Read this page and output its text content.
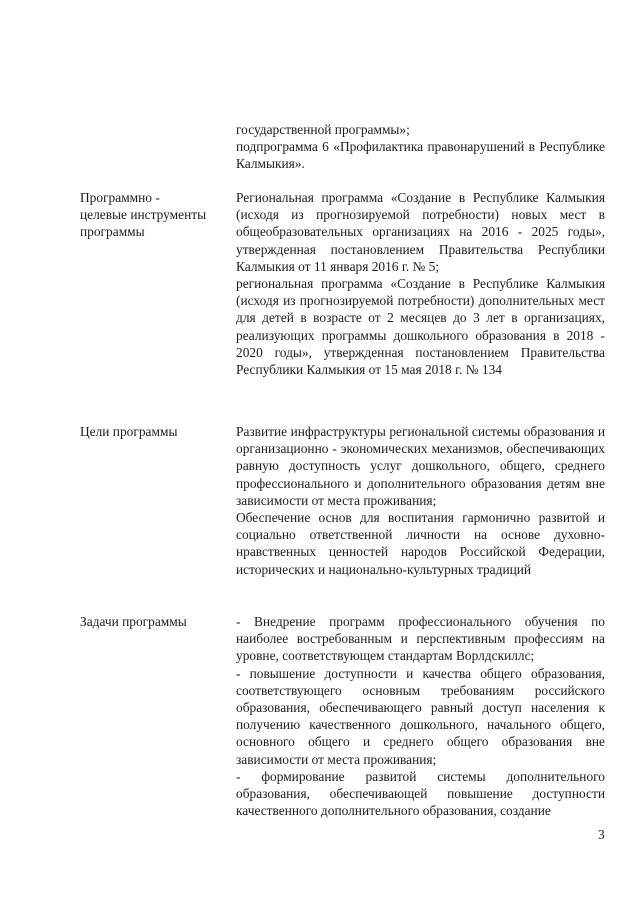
государственной программы»;

подпрограмма 6 «Профилактика правонарушений в Республике Калмыкия».

Программно -
целевые инструменты
программы

Региональная программа «Создание в Республике Калмыкия (исходя из прогнозируемой потребности) новых мест в общеобразовательных организациях на 2016 - 2025 годы», утвержденная постановлением Правительства Республики Калмыкия от 11 января 2016 г. № 5;

региональная программа «Создание в Республике Калмыкия (исходя из прогнозируемой потребности) дополнительных мест для детей в возрасте от 2 месяцев до 3 лет в организациях, реализующих программы дошкольного образования в 2018 - 2020 годы», утвержденная постановлением Правительства Республики Калмыкия от 15 мая 2018 г. № 134

Цели программы	Развитие инфраструктуры региональной системы образования и организационно - экономических механизмов, обеспечивающих равную доступность услуг дошкольного, общего, среднего профессионального и дополнительного образования детям вне зависимости от места проживания;

Обеспечение основ для воспитания гармонично развитой и социально ответственной личности на основе духовно-нравственных ценностей народов Российской Федерации, исторических и национально-культурных традиций

Задачи программы	- Внедрение программ профессионального обучения по наиболее востребованным и перспективным профессиям на уровне, соответствующем стандартам Ворлдскиллс;

- повышение доступности и качества общего образования, соответствующего основным требованиям российского образования, обеспечивающего равный доступ населения к получению качественного дошкольного, начального общего, основного общего и среднего общего образования вне зависимости от места проживания;

- формирование развитой системы дополнительного образования, обеспечивающей повышение доступности качественного дополнительного образования, создание

3
